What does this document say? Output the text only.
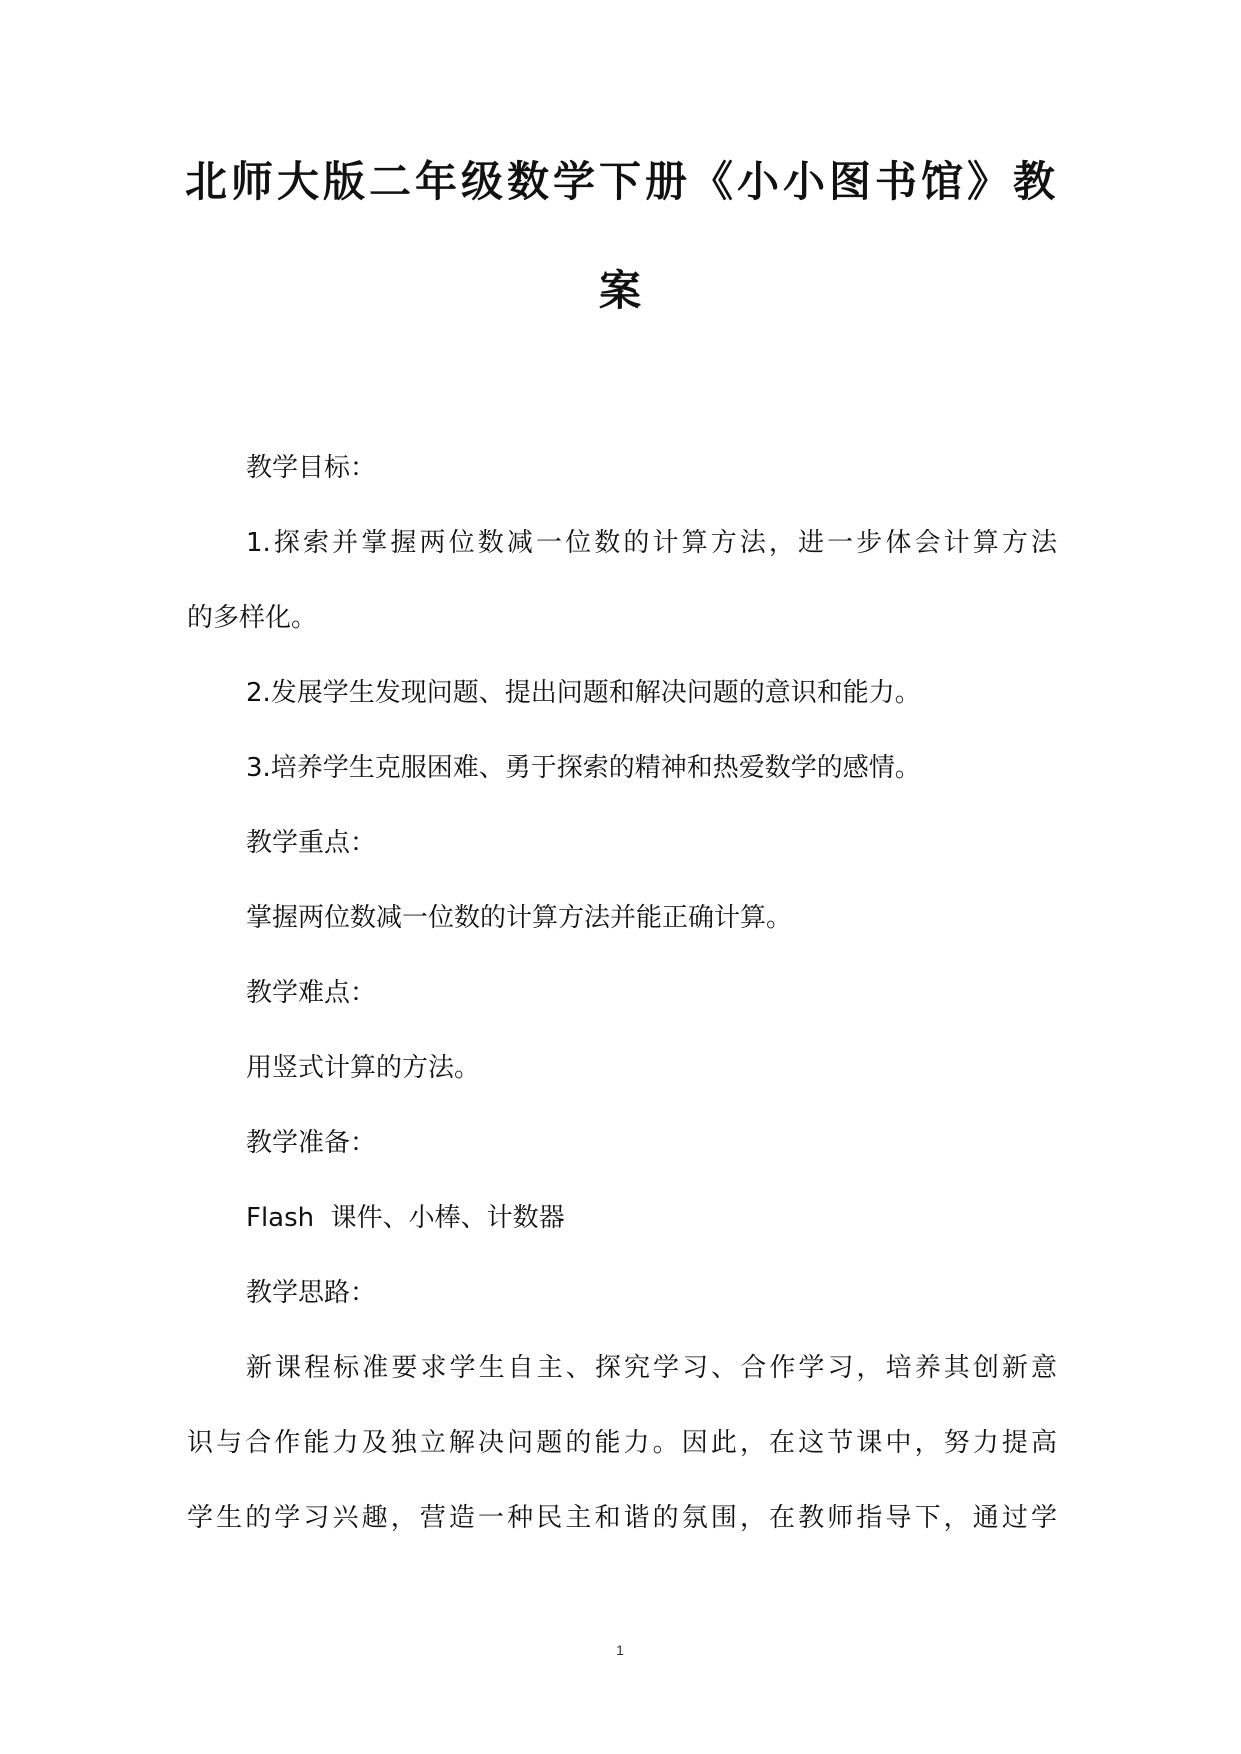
北师大版二年级数学下册《小小图书馆》教
案

教学目标：

1.探索并掌握两位数减一位数的计算方法，进一步体会计算方法

的多样化。

2.发展学生发现问题、提出问题和解决问题的意识和能力。

3.培养学生克服困难、勇于探索的精神和热爱数学的感情。

教学重点：

掌握两位数减一位数的计算方法并能正确计算。

教学难点：

用竖式计算的方法。

教学准备：

Flash  课件、小棒、计数器

教学思路：

新课程标准要求学生自主、探究学习、合作学习，培养其创新意

识与合作能力及独立解决问题的能力。因此，在这节课中，努力提高

学生的学习兴趣，营造一种民主和谐的氛围，在教师指导下，通过学

1
